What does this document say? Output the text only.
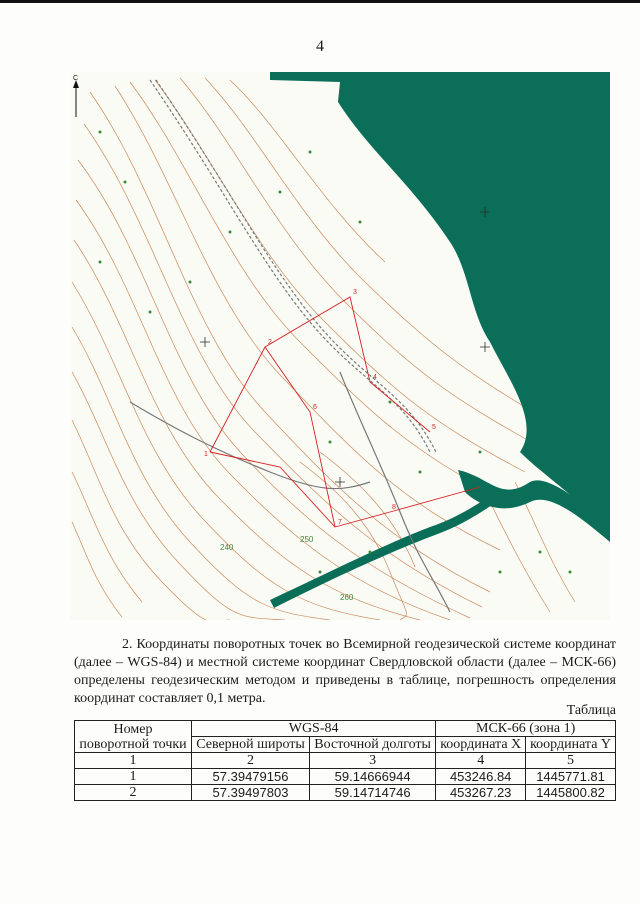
4
1
2
3
4
5
6
7
8
240
250
260
С
2. Координаты поворотных точек во Всемирной геодезической системе координат (далее – WGS-84) и местной системе координат Свердловской области (далее – МСК-66) определены геодезическим методом и приведены в таблице, погрешность определения координат составляет 0,1 метра.
Таблица
Номер поворотной точки	WGS-84		МСК-66 (зона 1)	
	Северной широты	Восточной долготы	координата X	координата Y
1	2	3	4	5
1	57.39479156	59.14666944	453246.84	1445771.81
2	57.39497803	59.14714746	453267.23	1445800.82
